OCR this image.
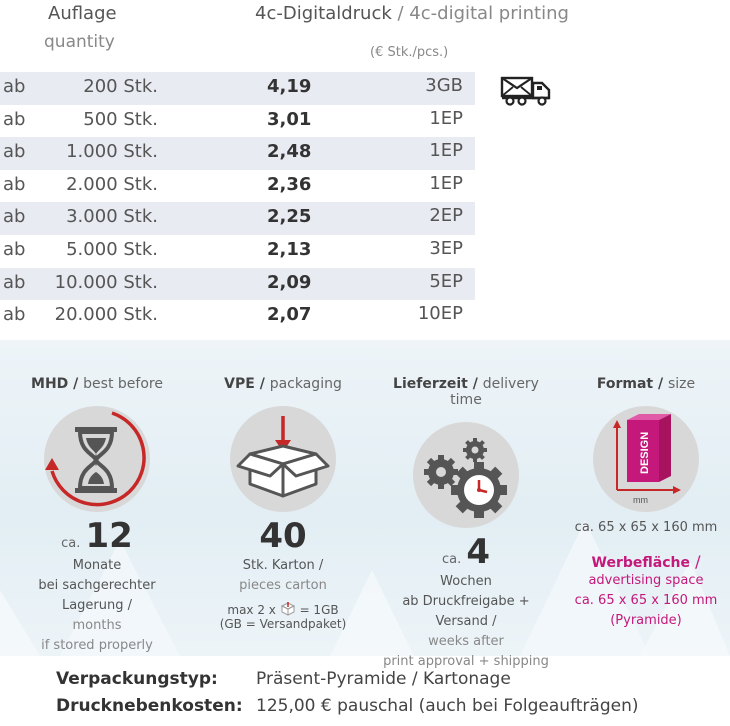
Auflage
quantity
4c-Digitaldruck / 4c-digital printing
(€ Stk./pcs.)
ab	200 Stk.	4,19	3GB
ab	500 Stk.	3,01	1EP
ab 1.000 Stk.	2,48	1EP
ab 2.000 Stk.	2,36	1EP
ab 3.000 Stk.	2,25	2EP
ab 5.000 Stk.	2,13	3EP
ab 10.000 Stk.	2,09	5EP
ab 20.000 Stk.	2,07	10EP
MHD / best before
ca. 12
Monate
bei sachgerechter Lagerung /
months
if stored properly
VPE / packaging
40
Stk. Karton /
pieces carton
max 2 x = 1GB
(GB = Versandpaket)
Lieferzeit / delivery time
ca. 4
Wochen
ab Druckfreigabe + Versand /
weeks after
print approval + shipping
Format / size
DESIGN
mm
ca. 65 x 65 x 160 mm
Werbefläche /
advertising space
ca. 65 x 65 x 160 mm
(Pyramide)
Verpackungstyp: Präsent-Pyramide / Kartonage
Drucknebenkosten: 125,00 € pauschal (auch bei Folgeaufträgen)
